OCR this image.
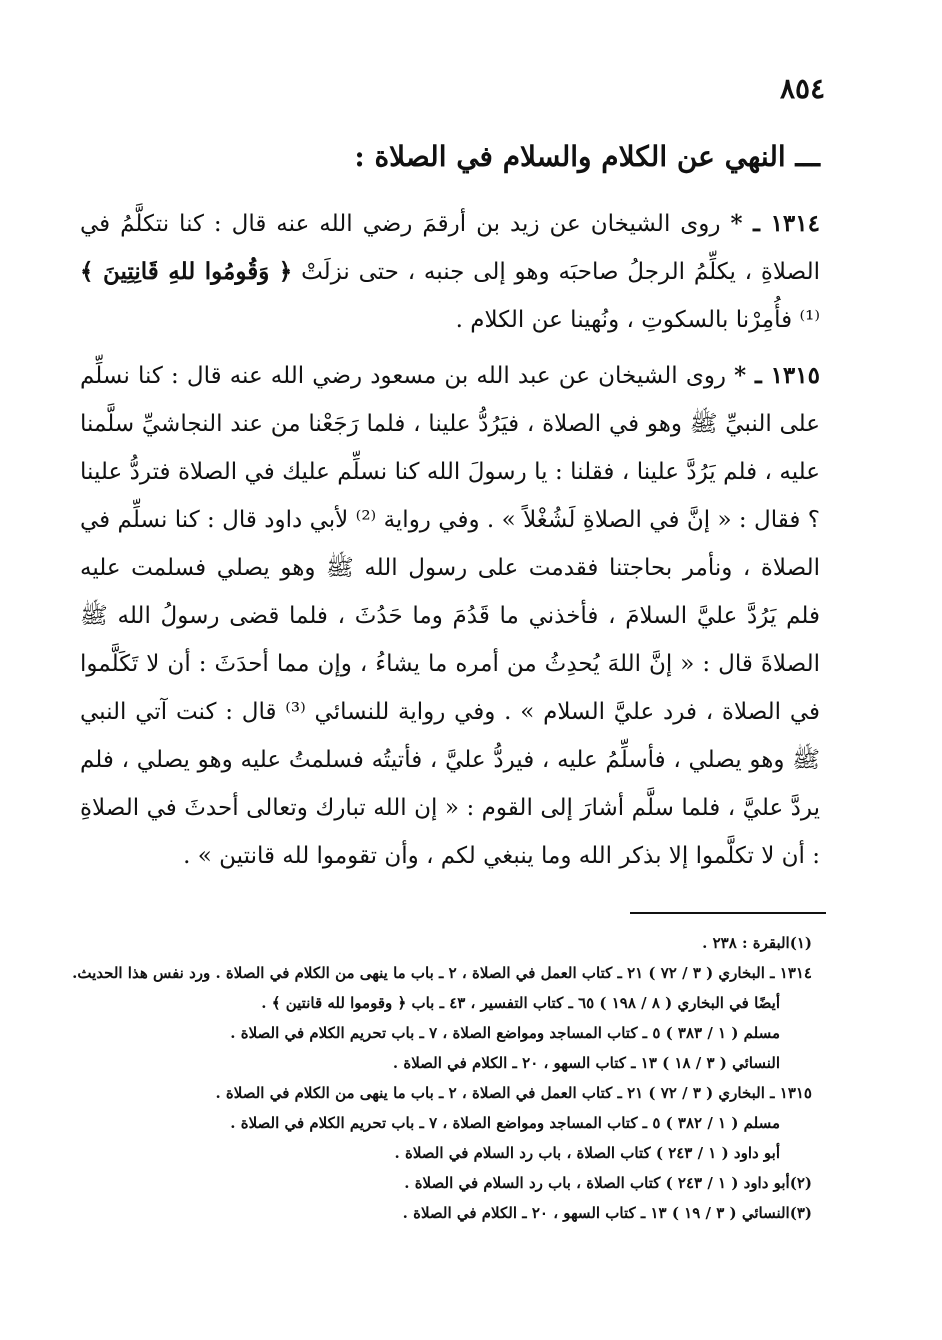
٨٥٤
ـــ النهي عن الكلام والسلام في الصلاة :
١٣١٤ ـ * روى الشيخان عن زيد بن أرقمَ رضي الله عنه قال : كنا نتكلَّمُ في الصلاةِ ، يكلِّمُ الرجلُ صاحبَه وهو إلى جنبه ، حتى نزلَتْ ﴿ وَقُومُوا للهِ قَانِتِينَ ﴾ ⁽¹⁾ فأُمِرْنا بالسكوتِ ، ونُهينا عن الكلام .
١٣١٥ ـ * روى الشيخان عن عبد الله بن مسعود رضي الله عنه قال : كنا نسلِّم على النبيِّ ﷺ وهو في الصلاة ، فيَرُدُّ علينا ، فلما رَجَعْنا من عند النجاشيِّ سلَّمنا عليه ، فلم يَرُدَّ علينا ، فقلنا : يا رسولَ الله كنا نسلِّم عليك في الصلاة فتردُّ علينا ؟ فقال : « إنَّ في الصلاةِ لَشُغْلاً » . وفي رواية ⁽²⁾ لأبي داود قال : كنا نسلِّم في الصلاة ، ونأمر بحاجتنا فقدمت على رسول الله ﷺ وهو يصلي فسلمت عليه فلم يَرُدَّ عليَّ السلامَ ، فأخذني ما قَدُمَ وما حَدُثَ ، فلما قضى رسولُ الله ﷺ الصلاةَ قال : « إنَّ اللهَ يُحدِثُ من أمره ما يشاءُ ، وإن مما أحدَثَ : أن لا تَكَلَّموا في الصلاة ، فرد عليَّ السلام » . وفي رواية للنسائي ⁽³⁾ قال : كنت آتي النبي ﷺ وهو يصلي ، فأسلِّمُ عليه ، فيردُّ عليَّ ، فأتيتُه فسلمتُ عليه وهو يصلي ، فلم يردَّ عليَّ ، فلما سلَّم أشارَ إلى القوم : « إن الله تبارك وتعالى أحدثَ في الصلاةِ : أن لا تكلَّموا إلا بذكر الله وما ينبغي لكم ، وأن تقوموا لله قانتين » .
(١)البقرة : ٢٣٨ .
١٣١٤ ـ البخاري ( ٣ / ٧٢ ) ٢١ ـ كتاب العمل في الصلاة ، ٢ ـ باب ما ينهى من الكلام في الصلاة . ورد نفس هذا الحديث.
أيضًا في البخاري ( ٨ / ١٩٨ ) ٦٥ ـ كتاب التفسير ، ٤٣ ـ باب ﴿ وقوموا لله قانتين ﴾ .
مسلم ( ١ / ٣٨٣ ) ٥ ـ كتاب المساجد ومواضع الصلاة ، ٧ ـ باب تحريم الكلام في الصلاة .
النسائي ( ٣ / ١٨ ) ١٣ ـ كتاب السهو ، ٢٠ ـ الكلام في الصلاة .
١٣١٥ ـ البخاري ( ٣ / ٧٢ ) ٢١ ـ كتاب العمل في الصلاة ، ٢ ـ باب ما ينهى من الكلام في الصلاة .
مسلم ( ١ / ٣٨٢ ) ٥ ـ كتاب المساجد ومواضع الصلاة ، ٧ ـ باب تحريم الكلام في الصلاة .
أبو داود ( ١ / ٢٤٣ ) كتاب الصلاة ، باب رد السلام في الصلاة .
(٢)أبو داود ( ١ / ٢٤٣ ) كتاب الصلاة ، باب رد السلام في الصلاة .
(٣)النسائي ( ٣ / ١٩ ) ١٣ ـ كتاب السهو ، ٢٠ ـ الكلام في الصلاة .
